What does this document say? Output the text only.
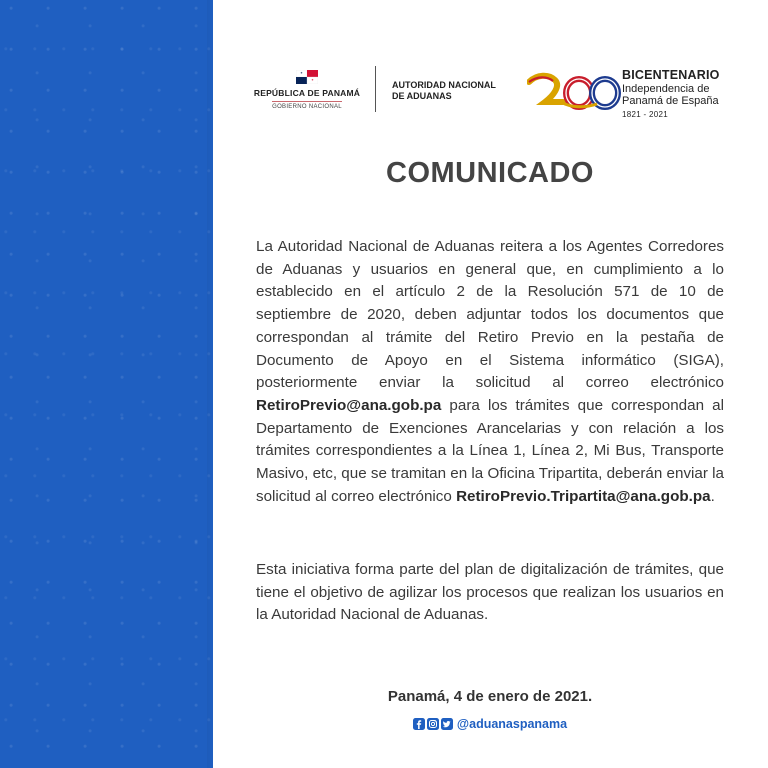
REPÚBLICA DE PANAMÁ
GOBIERNO NACIONAL
AUTORIDAD NACIONAL
DE ADUANAS
BICENTENARIO
Independencia de
Panamá de España
1821 - 2021
COMUNICADO
La Autoridad Nacional de Aduanas reitera a los Agentes Corredores de Aduanas y usuarios en general que, en cumplimiento a lo establecido en el artículo 2 de la Resolución 571 de 10 de septiembre de 2020, deben adjuntar todos los documentos que correspondan al trámite del Retiro Previo en la pestaña de Documento de Apoyo en el Sistema informático (SIGA), posteriormente enviar la solicitud al correo electrónico RetiroPrevio@ana.gob.pa para los trámites que correspondan al Departamento de Exenciones Arancelarias y con relación a los trámites correspondientes a la Línea 1, Línea 2, Mi Bus, Transporte Masivo, etc, que se tramitan en la Oficina Tripartita, deberán enviar la solicitud al correo electrónico RetiroPrevio.Tripartita@ana.gob.pa.
Esta iniciativa forma parte del plan de digitalización de trámites, que tiene el objetivo de agilizar los procesos que realizan los usuarios en la Autoridad Nacional de Aduanas.
Panamá, 4 de enero de 2021.
@aduanaspanama
